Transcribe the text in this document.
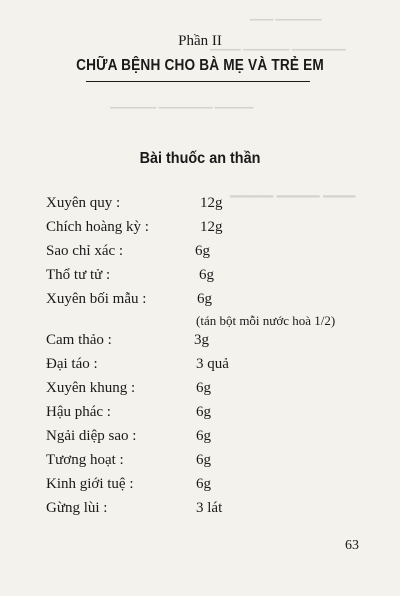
▁▁▁▁▁▁ ▁▁▁
▁▁▁▁▁▁▁ ▁▁▁▁▁▁ ▁▁▁▁
▁▁▁▁▁ ▁▁▁▁▁▁▁ ▁▁▁▁▁▁
▁▁▁ ▁▁▁▁ ▁▁▁▁
Phần II
CHỮA BỆNH CHO BÀ MẸ VÀ TRẺ EM
Bài thuốc an thần
Xuyên quy :	12g
Chích hoàng kỳ :	12g
Sao chỉ xác :	6g
Thổ tư tử :	6g
Xuyên bối mẫu :	6g
Cam thảo :	3g
Đại táo :	3 quả
Xuyên khung :	6g
Hậu phác :	6g
Ngải diệp sao :	6g
Tương hoạt :	6g
Kinh giới tuệ :	6g
Gừng lùi :	3 lát
(tán bột mỗi nước hoà 1/2)
63
